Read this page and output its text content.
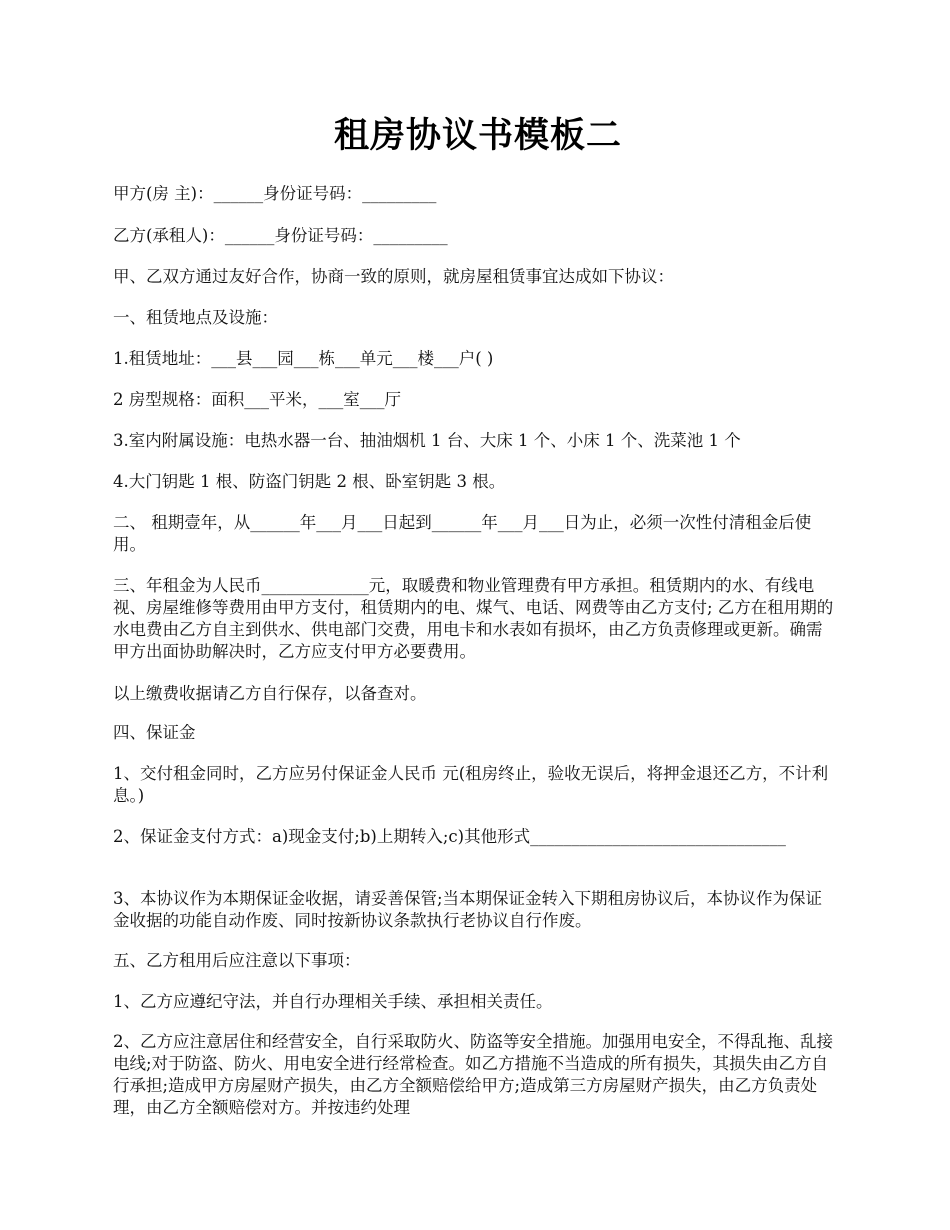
租房协议书模板二
甲方(房 主)：______身份证号码：_________
乙方(承租人)：______身份证号码：_________
甲、乙双方通过友好合作，协商一致的原则，就房屋租赁事宜达成如下协议：
一、租赁地点及设施：
1.租赁地址：___县___园___栋___单元___楼___户( )
2 房型规格：面积___平米，___室___厅
3.室内附属设施：电热水器一台、抽油烟机 1 台、大床 1 个、小床 1 个、洗菜池 1 个
4.大门钥匙 1 根、防盗门钥匙 2 根、卧室钥匙 3 根。
二、 租期壹年，从______年___月___日起到______年___月___日为止，必须一次性付清租金后使用。
三、年租金为人民币_____________元，取暖费和物业管理费有甲方承担。租赁期内的水、有线电视、房屋维修等费用由甲方支付，租赁期内的电、煤气、电话、网费等由乙方支付; 乙方在租用期的水电费由乙方自主到供水、供电部门交费，用电卡和水表如有损坏，由乙方负责修理或更新。确需甲方出面协助解决时，乙方应支付甲方必要费用。
以上缴费收据请乙方自行保存，以备查对。
四、保证金
1、交付租金同时，乙方应另付保证金人民币 元(租房终止，验收无误后，将押金退还乙方，不计利息。)
2、保证金支付方式：a)现金支付;b)上期转入;c)其他形式_______________________________
3、本协议作为本期保证金收据，请妥善保管;当本期保证金转入下期租房协议后，本协议作为保证金收据的功能自动作废、同时按新协议条款执行老协议自行作废。
五、乙方租用后应注意以下事项：
1、乙方应遵纪守法，并自行办理相关手续、承担相关责任。
2、乙方应注意居住和经营安全，自行采取防火、防盗等安全措施。加强用电安全，不得乱拖、乱接电线;对于防盗、防火、用电安全进行经常检查。如乙方措施不当造成的所有损失，其损失由乙方自行承担;造成甲方房屋财产损失，由乙方全额赔偿给甲方;造成第三方房屋财产损失，由乙方负责处理，由乙方全额赔偿对方。并按违约处理
